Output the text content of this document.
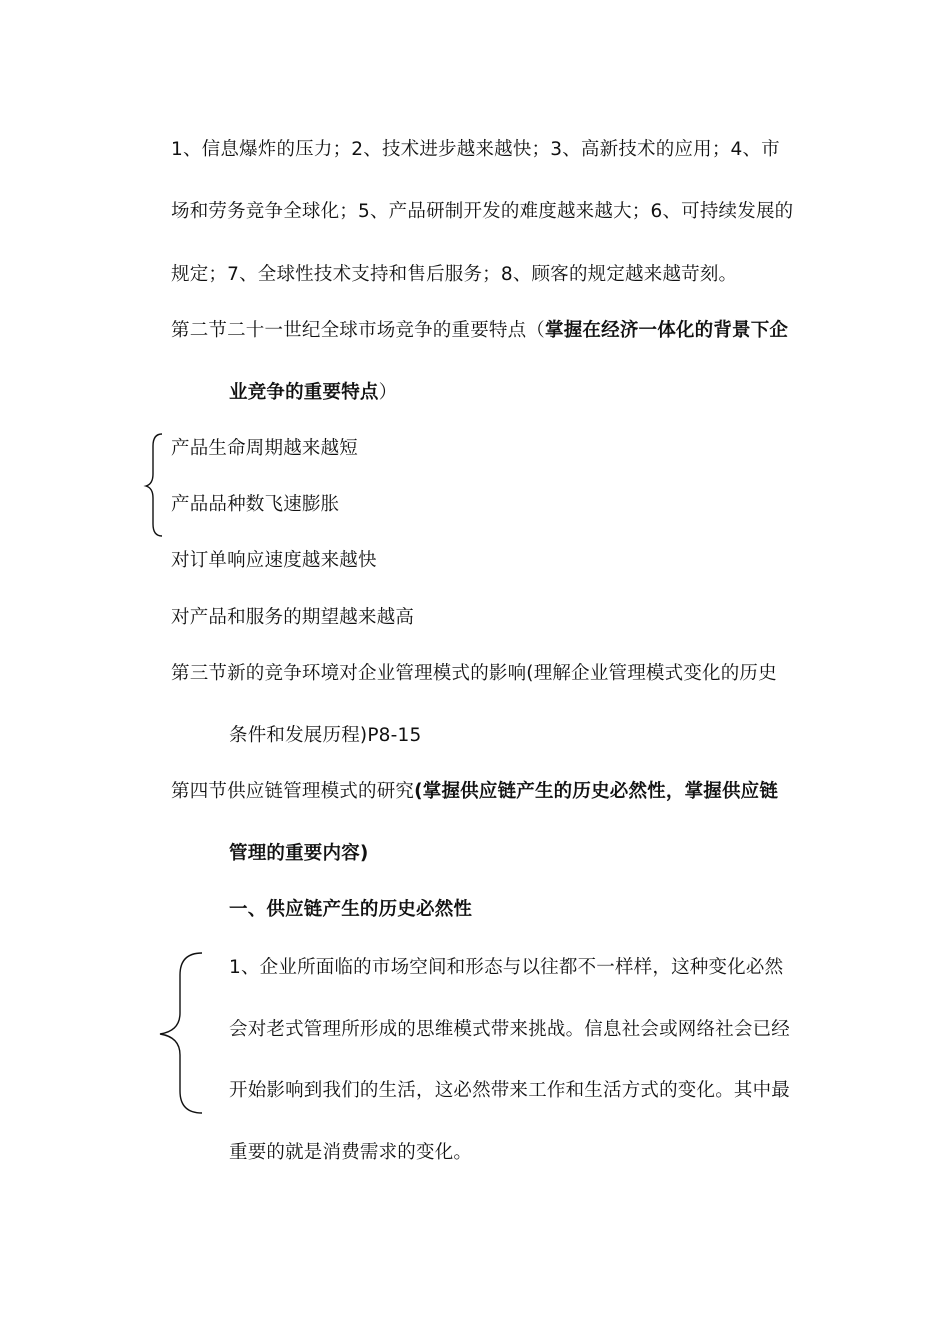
1、信息爆炸的压力；2、技术进步越来越快；3、高新技术的应用；4、市
场和劳务竞争全球化；5、产品研制开发的难度越来越大；6、可持续发展的
规定；7、全球性技术支持和售后服务；8、顾客的规定越来越苛刻。
第二节二十一世纪全球市场竞争的重要特点（掌握在经济一体化的背景下企
业竞争的重要特点）
产品生命周期越来越短
产品品种数飞速膨胀
对订单响应速度越来越快
对产品和服务的期望越来越高
第三节新的竞争环境对企业管理模式的影响(理解企业管理模式变化的历史
条件和发展历程)P8-15
第四节供应链管理模式的研究(掌握供应链产生的历史必然性，掌握供应链
管理的重要内容)
一、供应链产生的历史必然性
1、企业所面临的市场空间和形态与以往都不一样样，这种变化必然
会对老式管理所形成的思维模式带来挑战。信息社会或网络社会已经
开始影响到我们的生活，这必然带来工作和生活方式的变化。其中最
重要的就是消费需求的变化。
